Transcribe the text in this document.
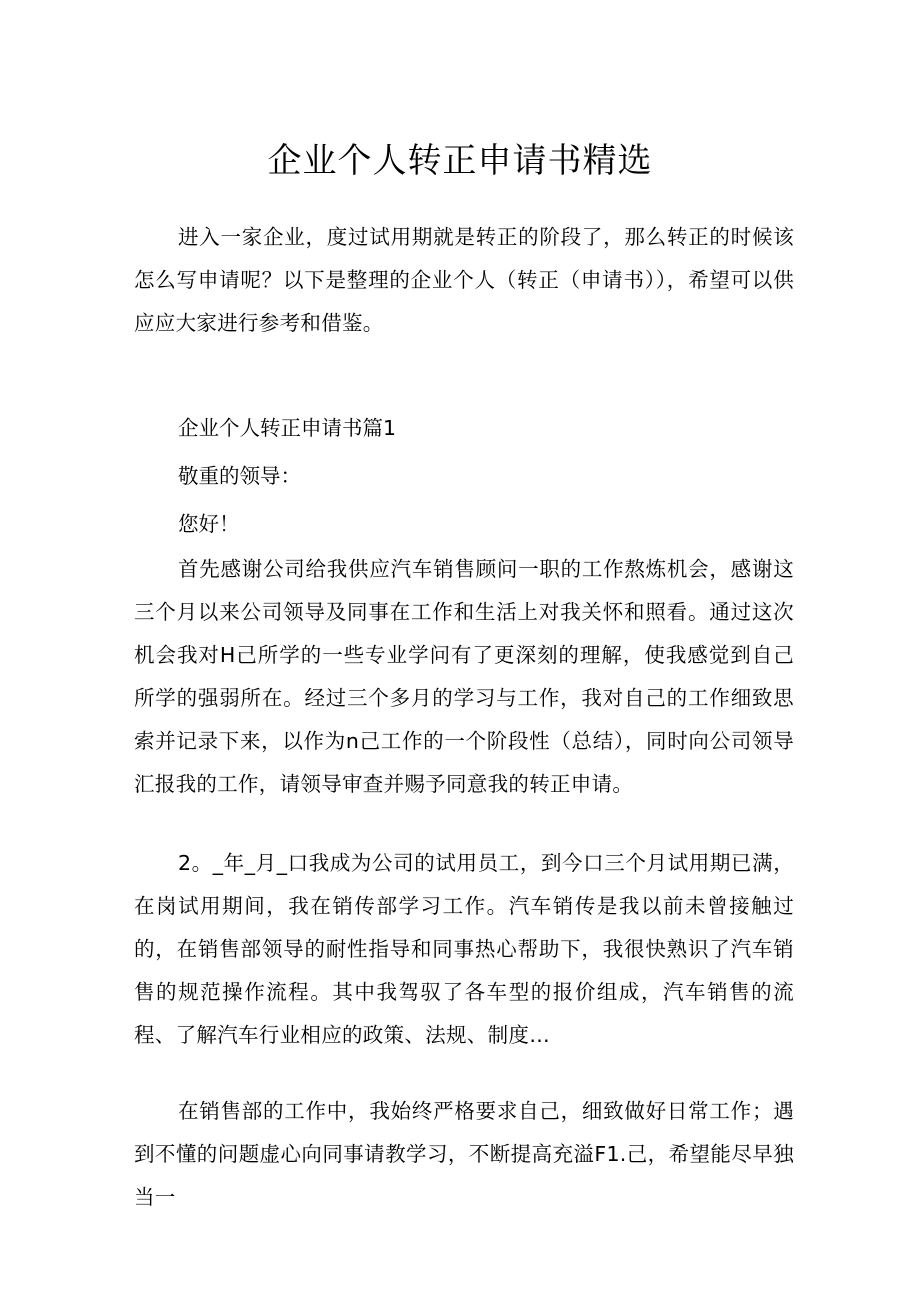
企业个人转正申请书精选

进入一家企业，度过试用期就是转正的阶段了，那么转正的时候该怎么写申请呢？以下是整理的企业个人（转正（申请书）），希望可以供应应大家进行参考和借鉴。

企业个人转正申请书篇1

敬重的领导：

您好！

首先感谢公司给我供应汽车销售顾问一职的工作熬炼机会，感谢这三个月以来公司领导及同事在工作和生活上对我关怀和照看。通过这次机会我对H己所学的一些专业学问有了更深刻的理解，使我感觉到自己所学的强弱所在。经过三个多月的学习与工作，我对自己的工作细致思索并记录下来，以作为n己工作的一个阶段性（总结），同时向公司领导汇报我的工作，请领导审查并赐予同意我的转正申请。

2。_年_月_口我成为公司的试用员工，到今口三个月试用期已满，在岗试用期间，我在销传部学习工作。汽车销传是我以前未曾接触过的，在销售部领导的耐性指导和同事热心帮助下，我很快熟识了汽车销售的规范操作流程。其中我驾驭了各车型的报价组成，汽车销售的流程、了解汽车行业相应的政策、法规、制度…

在销售部的工作中，我始终严格要求自己，细致做好日常工作；遇到不懂的问题虚心向同事请教学习，不断提高充溢F1.己，希望能尽早独当一
